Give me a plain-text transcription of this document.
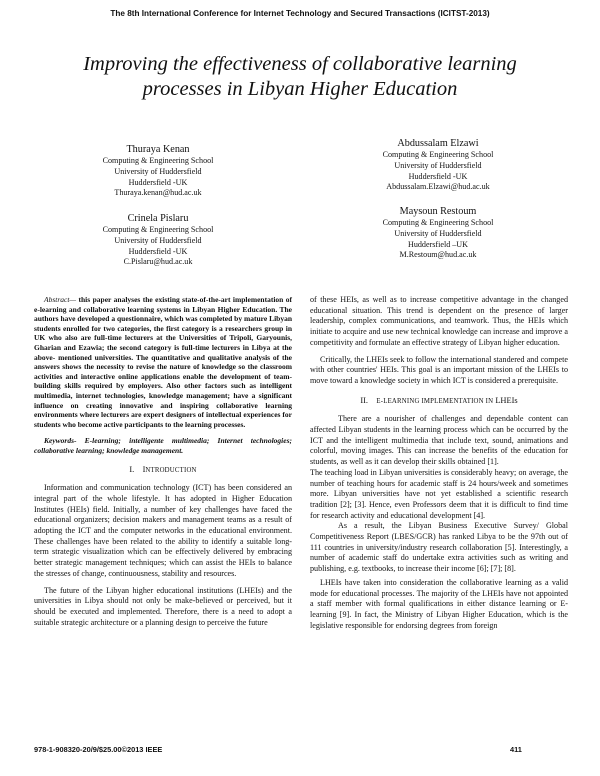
The 8th International Conference for Internet Technology and Secured Transactions (ICITST-2013)
Improving the effectiveness of collaborative learning
processes in Libyan Higher Education
Thuraya Kenan
Computing & Engineering School
University of Huddersfield
Huddersfield -UK
Thuraya.kenan@hud.ac.uk
Abdussalam Elzawi
Computing & Engineering School
University of Huddersfield
Huddersfield -UK
Abdussalam.Elzawi@hud.ac.uk
Crinela Pislaru
Computing & Engineering School
University of Huddersfield
Huddersfield -UK
C.Pislaru@hud.ac.uk
Maysoun Restoum
Computing & Engineering School
University of Huddersfield
Huddersfield –UK
M.Restoum@hud.ac.uk

Abstract— this paper analyses the existing state-of-the-art implementation of e-learning and collaborative learning systems in Libyan Higher Education. The authors have developed a questionnaire, which was completed by mature Libyan students enrolled for two categories, the first category is a researchers group in UK who also are full-time lecturers at the Universities of Tripoli, Garyounis, Gharian and Ezawia; the second category is full-time lecturers in Libya at the above- mentioned universities. The quantitative and qualitative analysis of the answers shows the necessity to revise the nature of knowledge so the classroom activities and interactive online applications enable the development of team-building skills required by employers. Also other factors such as intelligent multimedia, internet technologies, knowledge management; have a significant influence on creating innovative and inspiring collaborative learning environments where lecturers are expert designers of intellectual experiences for students who become active participants to the learning processes.

Keywords- E-learning; intelligente multimedia; Internet technologies; collaborative learning; knowledge management.

I. INTRODUCTION

Information and communication technology (ICT) has been considered an integral part of the whole lifestyle. It has adopted in Higher Education Institutes (HEIs) field. Initially, a number of key challenges have faced the educational organizers; decision makers and management teams as a result of adopting the ICT and the computer networks in the educational environment. These challenges have been related to the ability to identify a suitable long-term strategic visualization which can be effectively delivered by embracing better strategic management techniques; which can assist the HEIs to balance the stresses of change, continuousness, stability and resources.

The future of the Libyan higher educational institutions (LHEIs) and the universities in Libya should not only be make-believed or perceived, but it should be executed and implemented. Therefore, there is a need to adopt a suitable strategic architecture or a planning design to perceive the future

of these HEIs, as well as to increase competitive advantage in the changed educational situation. This trend is dependent on the presence of larger leadership, complex communications, and teamwork. Thus, the HEIs which initiate to acquire and use new technical knowledge can increase and improve a competitivity and formulate an effective strategy of Libyan higher education.

Critically, the LHEIs seek to follow the international standered and compete with other countries' HEIs. This goal is an important mission of the LHEIs to move toward a knowledge society in which ICT is considered a prerequisite.

II. E-LEARNING IMPLEMENTATION IN LHEIs

There are a nourisher of challenges and dependable content can affected Libyan students in the learning process which can be occurred by the ICT and the intelligent multimedia that include text, sound, animations and colorful, moving images. This can increase the benefits of the education for students, as well as it can develop their skills obtained [1].

The teaching load in Libyan universities is considerably heavy; on average, the number of teaching hours for academic staff is 24 hours/week and sometimes more. Libyan universities have not yet established a scientific research tradition [2]; [3]. Hence, even Professors deem that it is difficult to find time for research activity and educational development [4].

As a result, the Libyan Business Executive Survey/ Global Competitiveness Report (LBES/GCR) has ranked Libya to be the 97th out of 111 countries in university/industry research collaboration [5]. Interestingly, a number of academic staff do undertake extra activities such as writing and publishing, e.g. textbooks, to increase their income [6]; [7]; [8].

LHEIs have taken into consideration the collaborative learning as a valid mode for educational processes. The majority of the LHEIs have not appointed a staff member with formal qualifications in either distance learning or E-learning [9]. In fact, the Ministry of Libyan Higher Education, which is the legislative responsible for endorsing degrees from foreign

978-1-908320-20/9/$25.00©2013 IEEE	411
